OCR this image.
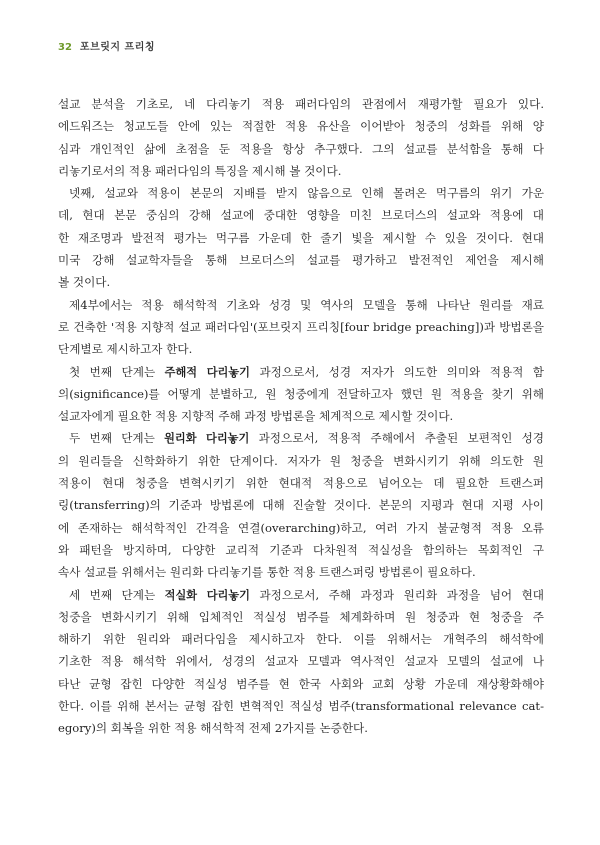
32 포브릿지 프리칭
설교 분석을 기초로, 네 다리놓기 적용 패러다임의 관점에서 재평가할 필요가 있다.
에드워즈는 청교도들 안에 있는 적절한 적용 유산을 이어받아 청중의 성화를 위해 양
심과 개인적인 삶에 초점을 둔 적용을 항상 추구했다. 그의 설교를 분석함을 통해 다
리놓기로서의 적용 패러다임의 특징을 제시해 볼 것이다.
넷째, 설교와 적용이 본문의 지배를 받지 않음으로 인해 몰려온 먹구름의 위기 가운
데, 현대 본문 중심의 강해 설교에 중대한 영향을 미친 브로더스의 설교와 적용에 대
한 재조명과 발전적 평가는 먹구름 가운데 한 줄기 빛을 제시할 수 있을 것이다. 현대
미국 강해 설교학자들을 통해 브로더스의 설교를 평가하고 발전적인 제언을 제시해
볼 것이다.
제4부에서는 적용 해석학적 기초와 성경 및 역사의 모델을 통해 나타난 원리를 재료
로 건축한 '적용 지향적 설교 패러다임'(포브릿지 프리칭[four bridge preaching])과 방법론을
단계별로 제시하고자 한다.
첫 번째 단계는 주해적 다리놓기 과정으로서, 성경 저자가 의도한 의미와 적용적 함
의(significance)를 어떻게 분별하고, 원 청중에게 전달하고자 했던 원 적용을 찾기 위해
설교자에게 필요한 적용 지향적 주해 과정 방법론을 체계적으로 제시할 것이다.
두 번째 단계는 원리화 다리놓기 과정으로서, 적용적 주해에서 추출된 보편적인 성경
의 원리들을 신학화하기 위한 단계이다. 저자가 원 청중을 변화시키기 위해 의도한 원
적용이 현대 청중을 변혁시키기 위한 현대적 적용으로 넘어오는 데 필요한 트랜스퍼
링(transferring)의 기준과 방법론에 대해 진술할 것이다. 본문의 지평과 현대 지평 사이
에 존재하는 해석학적인 간격을 연결(overarching)하고, 여러 가지 불균형적 적용 오류
와 패턴을 방지하며, 다양한 교리적 기준과 다차원적 적실성을 함의하는 목회적인 구
속사 설교를 위해서는 원리화 다리놓기를 통한 적용 트랜스퍼링 방법론이 필요하다.
세 번째 단계는 적실화 다리놓기 과정으로서, 주해 과정과 원리화 과정을 넘어 현대
청중을 변화시키기 위해 입체적인 적실성 범주를 체계화하며 원 청중과 현 청중을 주
해하기 위한 원리와 패러다임을 제시하고자 한다. 이를 위해서는 개혁주의 해석학에
기초한 적용 해석학 위에서, 성경의 설교자 모델과 역사적인 설교자 모델의 설교에 나
타난 균형 잡힌 다양한 적실성 범주를 현 한국 사회와 교회 상황 가운데 재상황화해야
한다. 이를 위해 본서는 균형 잡힌 변혁적인 적실성 범주(transformational relevance cat-
egory)의 회복을 위한 적용 해석학적 전제 2가지를 논증한다.
